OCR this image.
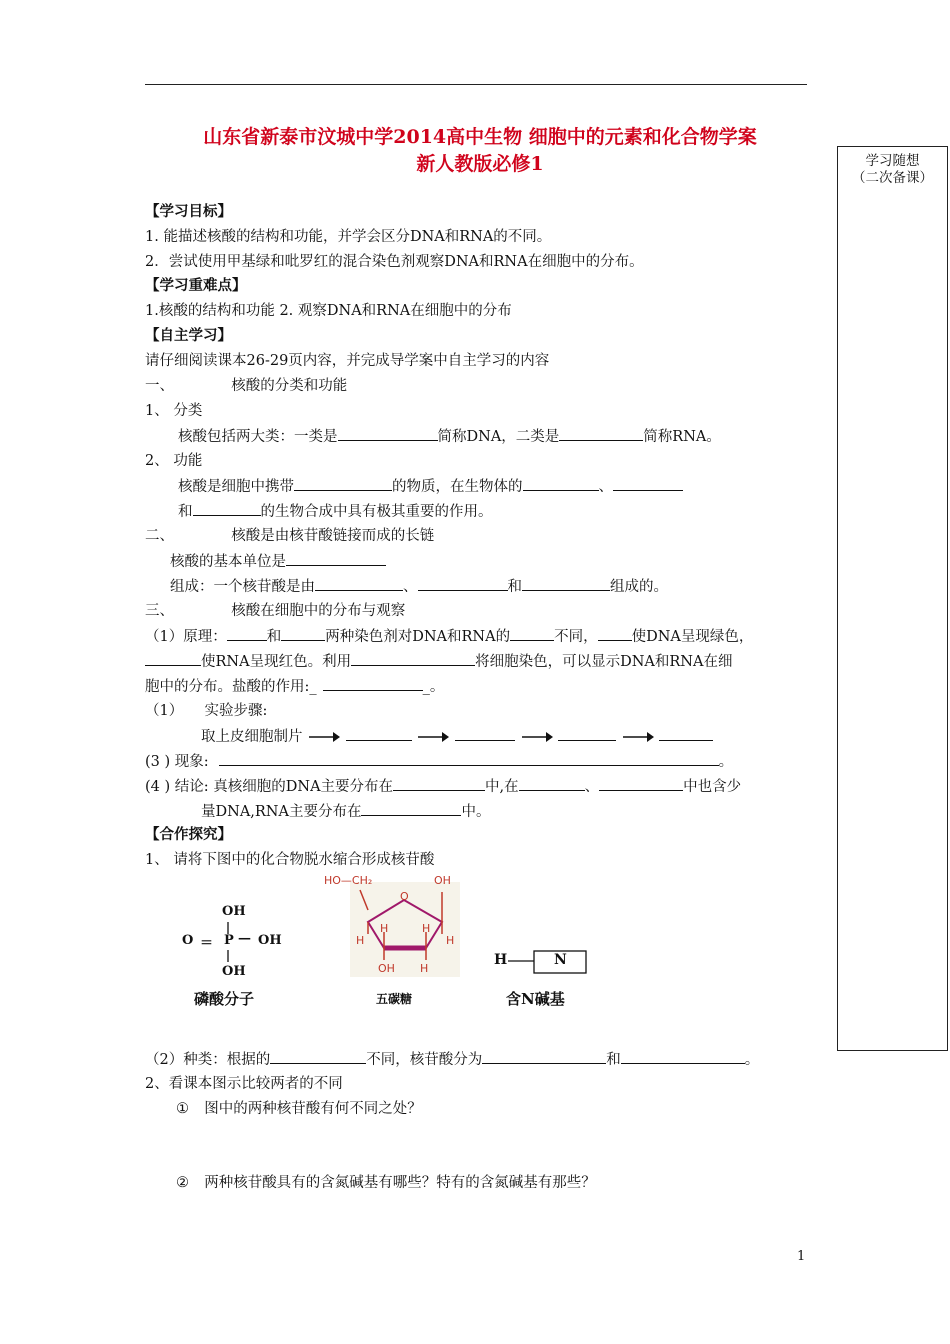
山东省新泰市汶城中学2014高中生物 细胞中的元素和化合物学案
新人教版必修1	学习随想
（二次备课）
【学习目标】
1. 能描述核酸的结构和功能，并学会区分DNA和RNA的不同。
2．尝试使用甲基绿和吡罗红的混合染色剂观察DNA和RNA在细胞中的分布。
【学习重难点】
1.核酸的结构和功能 2. 观察DNA和RNA在细胞中的分布
【自主学习】
请仔细阅读课本26-29页内容，并完成导学案中自主学习的内容
一、	核酸的分类和功能
1、 分类
核酸包括两大类：一类是	简称DNA，二类是	简称RNA。
2、 功能
核酸是细胞中携带	的物质，在生物体的	、
和	的生物合成中具有极其重要的作用。
二、	核酸是由核苷酸链接而成的长链
核酸的基本单位是
组成：一个核苷酸是由	、	和	组成的。
三、	核酸在细胞中的分布与观察
（1）原理：	和	两种染色剂对DNA和RNA的	不同， 使DNA呈现绿色，
使RNA呈现红色。利用	将细胞染色，可以显示DNA和RNA在细
胞中的分布。盐酸的作用:_	_。
（1） 实验步骤:
取上皮细胞制片
(3 ) 现象:	。
(4 ) 结论: 真核细胞的DNA主要分布在	中,在	、	中也含少
量DNA,RNA主要分布在	中。
【合作探究】
1、 请将下图中的化合物脱水缩合形成核苷酸
OH
O ＝ P — OH
OH
磷酸分子
HO—CH₂	OH
O
H
H	H
H
OH H
五碳糖
H	N
含N碱基
（2）种类：根据的	不同，核苷酸分为	和	。
2、看课本图示比较两者的不同
① 图中的两种核苷酸有何不同之处？
② 两种核苷酸具有的含氮碱基有哪些？特有的含氮碱基有那些？
1
